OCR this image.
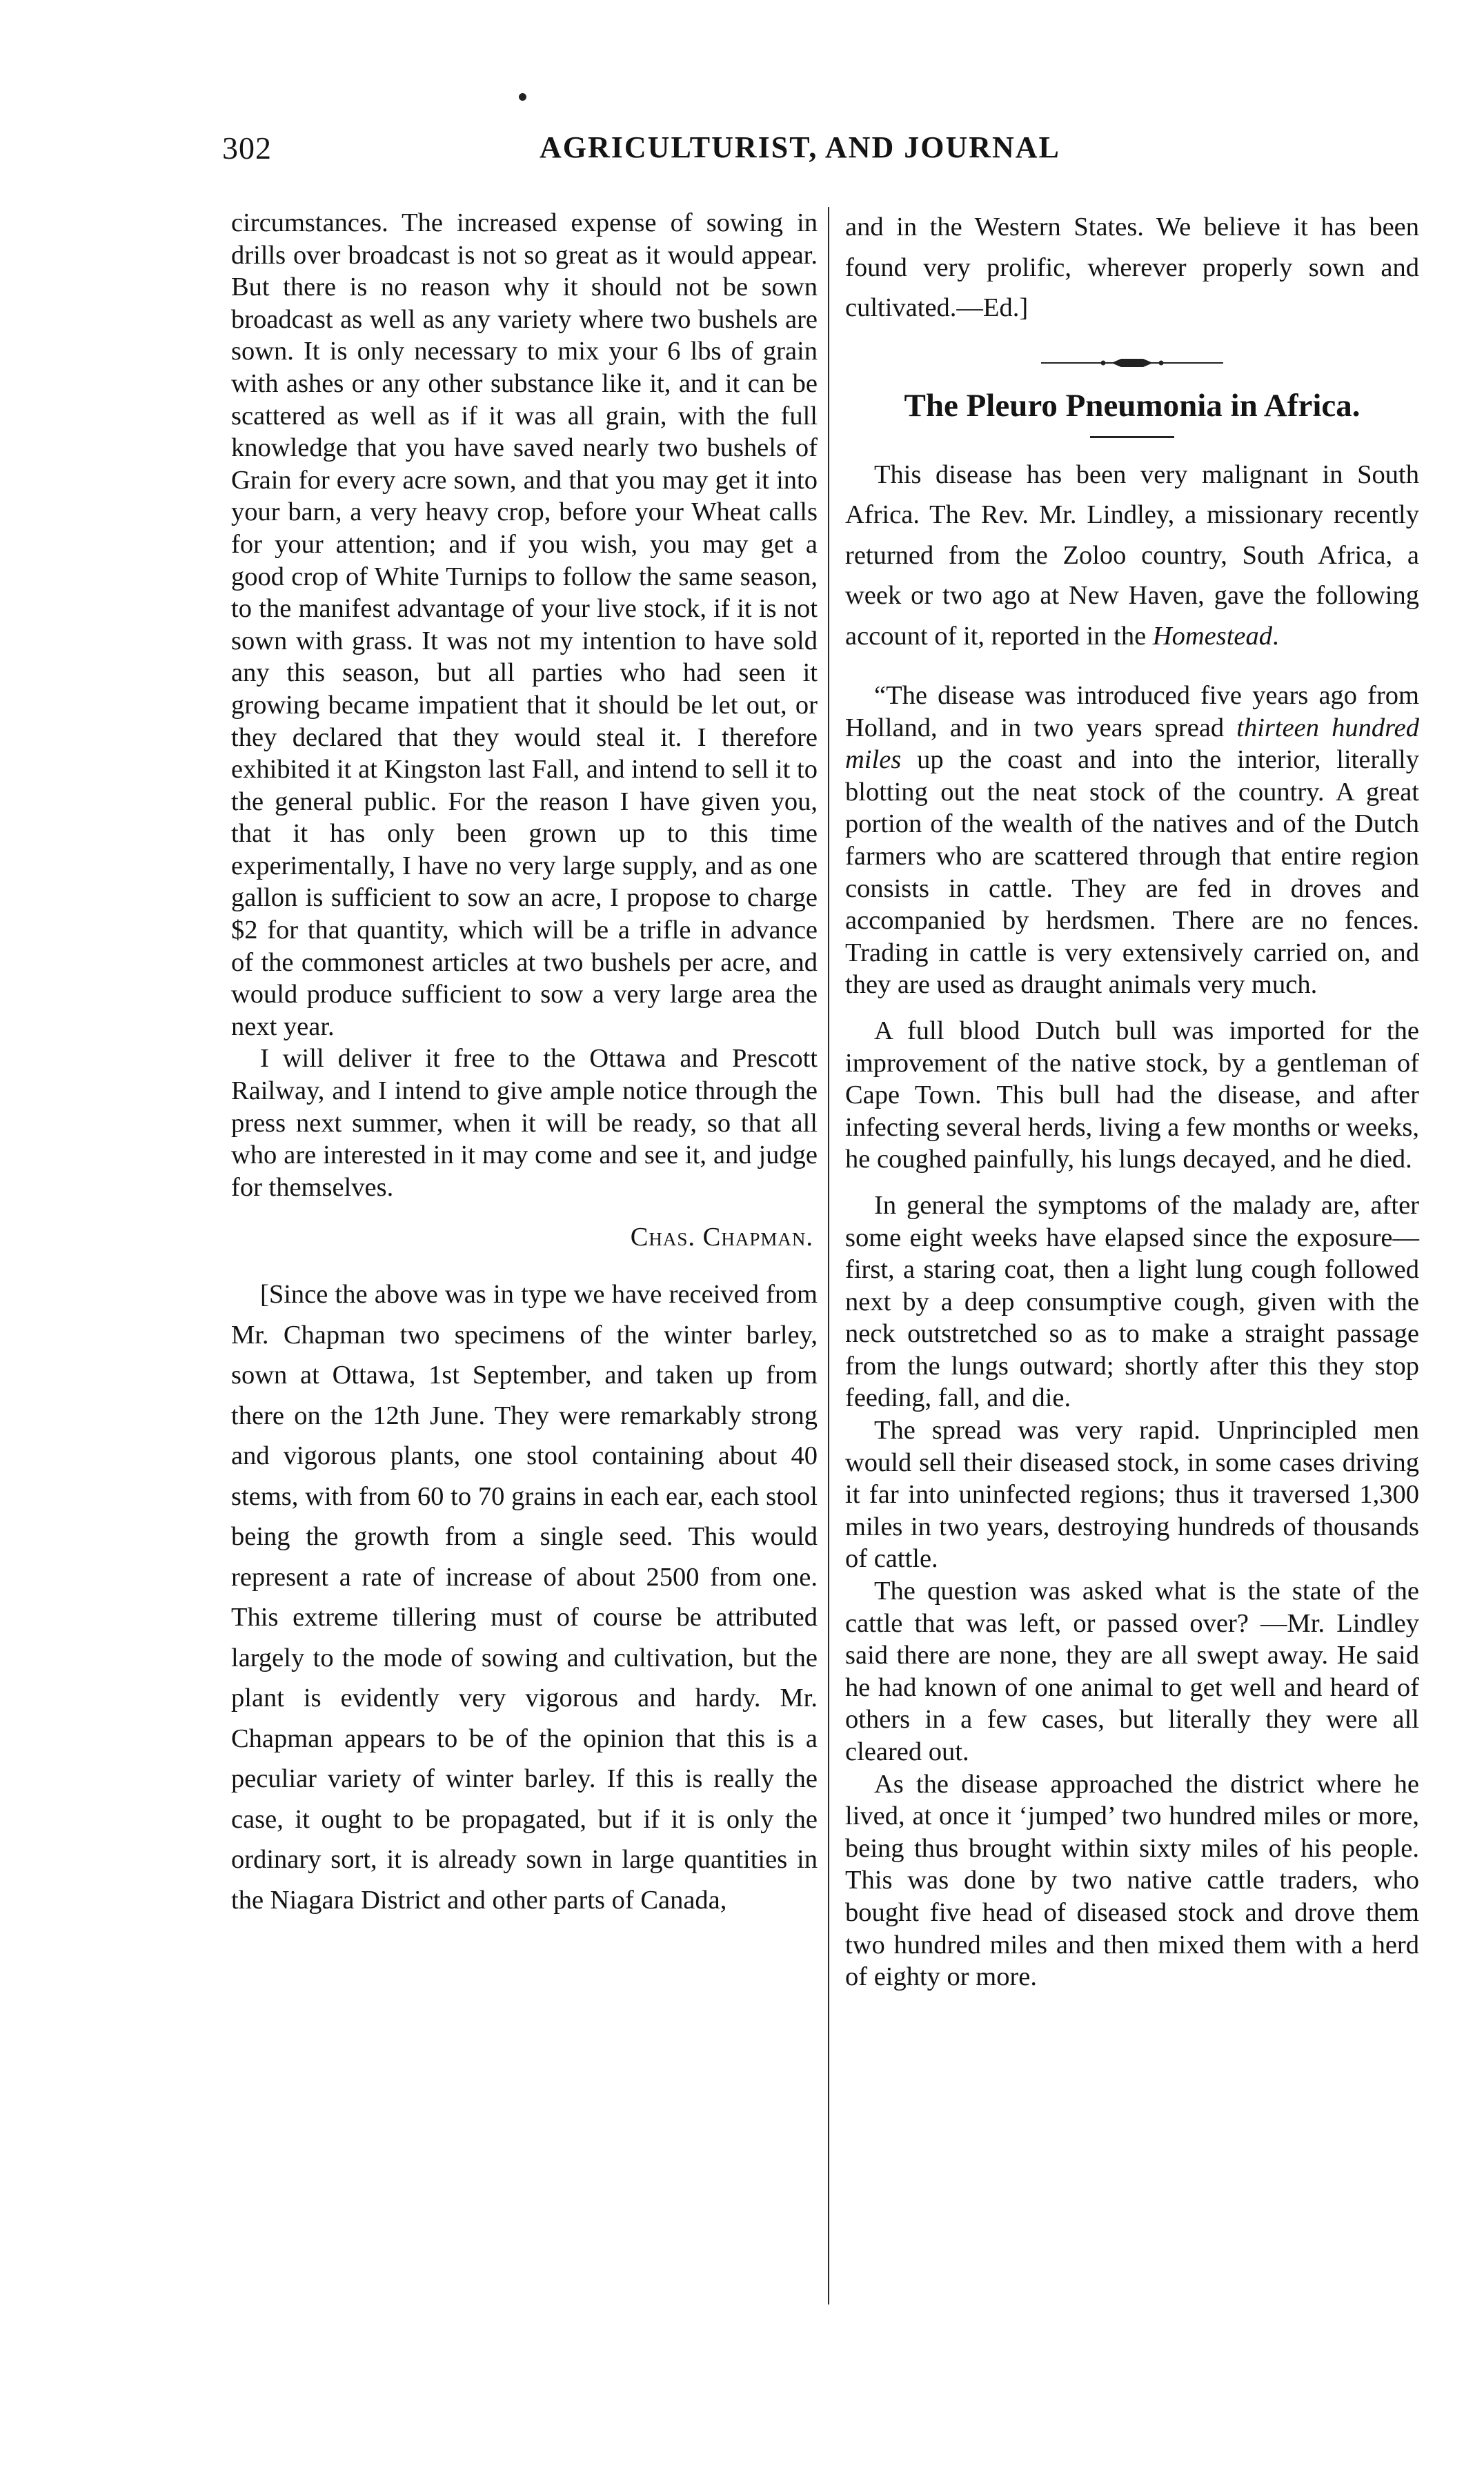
302	AGRICULTURIST, AND JOURNAL

circumstances. The increased expense of sowing in drills over broadcast is not so great as it would appear. But there is no reason why it should not be sown broadcast as well as any variety where two bushels are sown. It is only necessary to mix your 6 lbs of grain with ashes or any other substance like it, and it can be scattered as well as if it was all grain, with the full knowledge that you have saved nearly two bushels of Grain for every acre sown, and that you may get it into your barn, a very heavy crop, before your Wheat calls for your attention; and if you wish, you may get a good crop of White Turnips to follow the same season, to the manifest advantage of your live stock, if it is not sown with grass. It was not my intention to have sold any this season, but all parties who had seen it growing became impatient that it should be let out, or they declared that they would steal it. I therefore exhibited it at Kingston last Fall, and intend to sell it to the general public. For the reason I have given you, that it has only been grown up to this time experimentally, I have no very large supply, and as one gallon is sufficient to sow an acre, I propose to charge $2 for that quantity, which will be a trifle in advance of the commonest articles at two bushels per acre, and would produce sufficient to sow a very large area the next year.

I will deliver it free to the Ottawa and Prescott Railway, and I intend to give ample notice through the press next summer, when it will be ready, so that all who are interested in it may come and see it, and judge for themselves.

Chas. Chapman.

[Since the above was in type we have received from Mr. Chapman two specimens of the winter barley, sown at Ottawa, 1st September, and taken up from there on the 12th June. They were remarkably strong and vigorous plants, one stool containing about 40 stems, with from 60 to 70 grains in each ear, each stool being the growth from a single seed. This would represent a rate of increase of about 2500 from one. This extreme tillering must of course be attributed largely to the mode of sowing and cultivation, but the plant is evidently very vigorous and hardy. Mr. Chapman appears to be of the opinion that this is a peculiar variety of winter barley. If this is really the case, it ought to be propagated, but if it is only the ordinary sort, it is already sown in large quantities in the Niagara District and other parts of Canada,

and in the Western States. We believe it has been found very prolific, wherever properly sown and cultivated.—Ed.]

The Pleuro Pneumonia in Africa.

This disease has been very malignant in South Africa. The Rev. Mr. Lindley, a missionary recently returned from the Zoloo country, South Africa, a week or two ago at New Haven, gave the following account of it, reported in the Homestead.

“The disease was introduced five years ago from Holland, and in two years spread thirteen hundred miles up the coast and into the interior, literally blotting out the neat stock of the country. A great portion of the wealth of the natives and of the Dutch farmers who are scattered through that entire region consists in cattle. They are fed in droves and accompanied by herdsmen. There are no fences. Trading in cattle is very extensively carried on, and they are used as draught animals very much.

A full blood Dutch bull was imported for the improvement of the native stock, by a gentleman of Cape Town. This bull had the disease, and after infecting several herds, living a few months or weeks, he coughed painfully, his lungs decayed, and he died.

In general the symptoms of the malady are, after some eight weeks have elapsed since the exposure—first, a staring coat, then a light lung cough followed next by a deep consumptive cough, given with the neck outstretched so as to make a straight passage from the lungs outward; shortly after this they stop feeding, fall, and die.

The spread was very rapid. Unprincipled men would sell their diseased stock, in some cases driving it far into uninfected regions; thus it traversed 1,300 miles in two years, destroying hundreds of thousands of cattle.

The question was asked what is the state of the cattle that was left, or passed over? —Mr. Lindley said there are none, they are all swept away. He said he had known of one animal to get well and heard of others in a few cases, but literally they were all cleared out.

As the disease approached the district where he lived, at once it ‘jumped’ two hundred miles or more, being thus brought within sixty miles of his people. This was done by two native cattle traders, who bought five head of diseased stock and drove them two hundred miles and then mixed them with a herd of eighty or more.
